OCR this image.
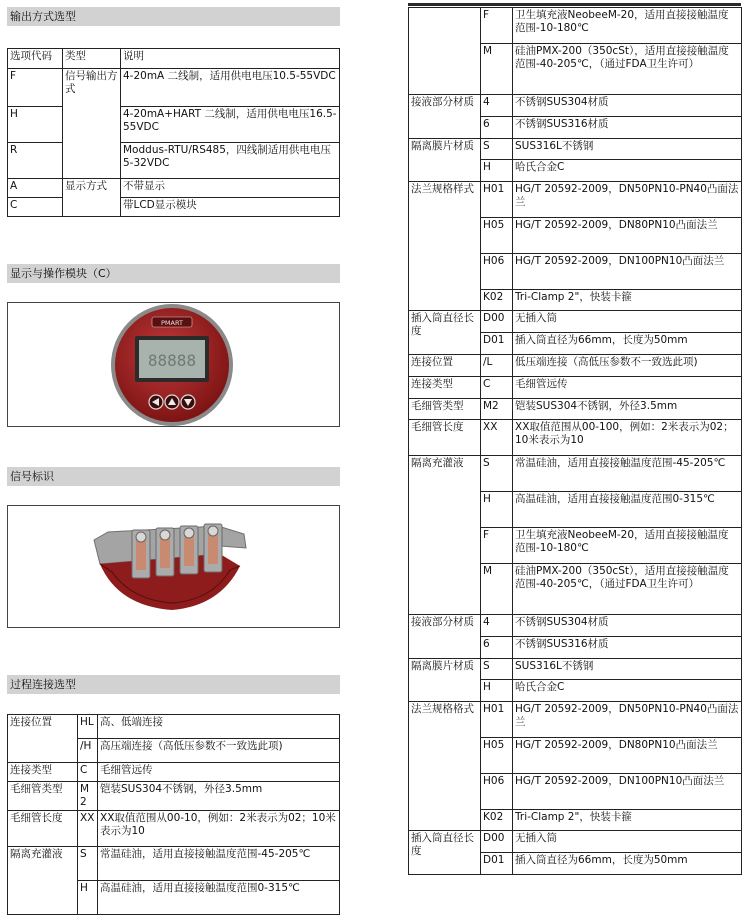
输出方式选型
选项代码	类型	说明
F	信号输出方式	4-20mA 二线制，适用供电电压10.5-55VDC
H		4-20mA+HART 二线制，适用供电电压16.5-55VDC
R		Moddus-RTU/RS485，四线制适用供电电压5-32VDC
A	显示方式	不带显示
C		带LCD显示模块
显示与操作模块（C）
PMART
88888
信号标识
过程连接选型
连接位置	HL	高、低端连接
	/H	高压端连接（高低压参数不一致选此项)
连接类型	C	毛细管远传
毛细管类型	M2	铠装SUS304不锈钢，外径3.5mm
毛细管长度	XX	XX取值范围从00-10，例如：2米表示为02；10米表示为10
隔离充灌液	S	常温硅油，适用直接接触温度范围-45-205℃
	H	高温硅油，适用直接接触温度范围0-315℃
	F	卫生填充液NeobeeM-20，适用直接接触温度范围-10-180℃
	M	硅油PMX-200（350cSt），适用直接接触温度范围-40-205℃，（通过FDA卫生许可）
接液部分材质	4	不锈钢SUS304材质
	6	不锈钢SUS316材质
隔离膜片材质	S	SUS316L不锈钢
	H	哈氏合金C
法兰规格样式	H01	HG/T 20592-2009，DN50PN10-PN40凸面法兰
	H05	HG/T 20592-2009，DN80PN10凸面法兰
	H06	HG/T 20592-2009，DN100PN10凸面法兰
	K02	Tri-Clamp 2"，快装卡箍
插入筒直径长度	D00	无插入筒
	D01	插入筒直径为66mm，长度为50mm
连接位置	/L	低压端连接（高低压参数不一致选此项)
连接类型	C	毛细管远传
毛细管类型	M2	铠装SUS304不锈钢，外径3.5mm
毛细管长度	XX	XX取值范围从00-100，例如：2米表示为02；10米表示为10
隔离充灌液	S	常温硅油，适用直接接触温度范围-45-205℃
	H	高温硅油，适用直接接触温度范围0-315℃
	F	卫生填充液NeobeeM-20，适用直接接触温度范围-10-180℃
	M	硅油PMX-200（350cSt），适用直接接触温度范围-40-205℃，（通过FDA卫生许可）
接液部分材质	4	不锈钢SUS304材质
	6	不锈钢SUS316材质
隔离膜片材质	S	SUS316L不锈钢
	H	哈氏合金C
法兰规格格式	H01	HG/T 20592-2009，DN50PN10-PN40凸面法兰
	H05	HG/T 20592-2009，DN80PN10凸面法兰
	H06	HG/T 20592-2009，DN100PN10凸面法兰
	K02	Tri-Clamp 2"，快装卡箍
插入筒直径长度	D00	无插入筒
	D01	插入筒直径为66mm，长度为50mm
